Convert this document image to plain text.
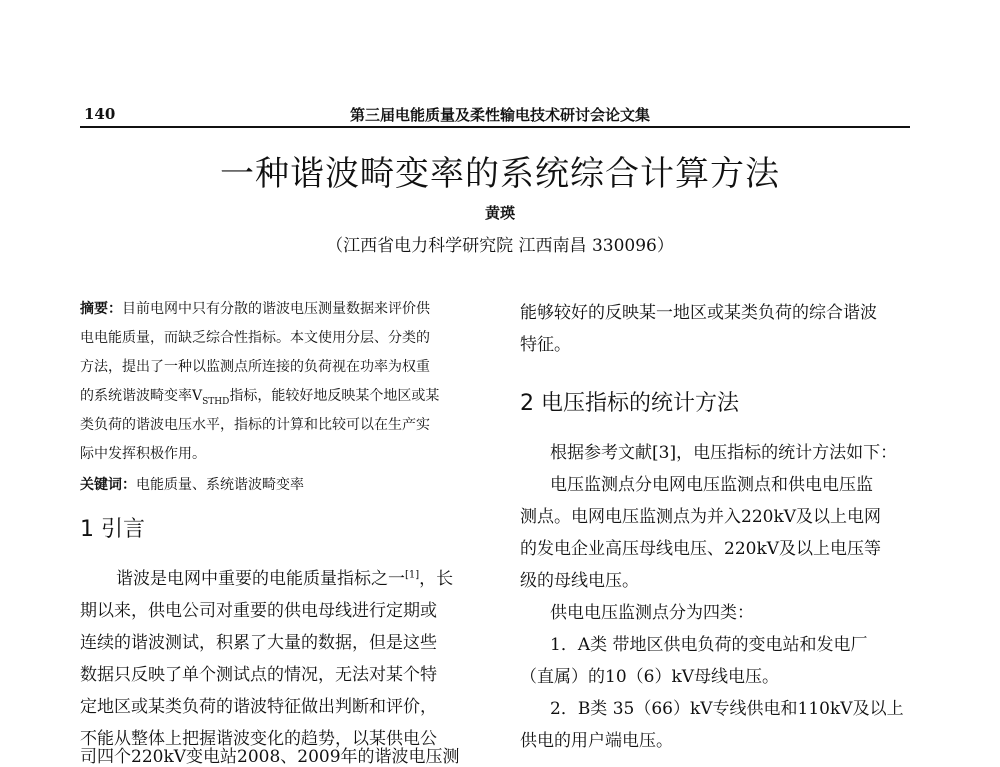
140	第三届电能质量及柔性输电技术研讨会论文集
一种谐波畸变率的系统综合计算方法
黄瑛
（江西省电力科学研究院 江西南昌 330096）
摘要：目前电网中只有分散的谐波电压测量数据来评价供
电电能质量，而缺乏综合性指标。本文使用分层、分类的
方法，提出了一种以监测点所连接的负荷视在功率为权重
的系统谐波畸变率$V_{STHD}$指标，能较好地反映某个地区或某
类负荷的谐波电压水平，指标的计算和比较可以在生产实
际中发挥积极作用。
关键词：电能质量、系统谐波畸变率
1 引言
谐波是电网中重要的电能质量指标之一[1]，长
期以来，供电公司对重要的供电母线进行定期或
连续的谐波测试，积累了大量的数据，但是这些
数据只反映了单个测试点的情况，无法对某个特
定地区或某类负荷的谐波特征做出判断和评价，
不能从整体上把握谐波变化的趋势，以某供电公
司四个220kV变电站2008、2009年的谐波电压测
能够较好的反映某一地区或某类负荷的综合谐波
特征。
2 电压指标的统计方法
根据参考文献[3]，电压指标的统计方法如下：
电压监测点分电网电压监测点和供电电压监
测点。电网电压监测点为并入220kV及以上电网
的发电企业高压母线电压、220kV及以上电压等
级的母线电压。
供电电压监测点分为四类：
1．A类 带地区供电负荷的变电站和发电厂
（直属）的10（6）kV母线电压。
2．B类 35（66）kV专线供电和110kV及以上
供电的用户端电压。
